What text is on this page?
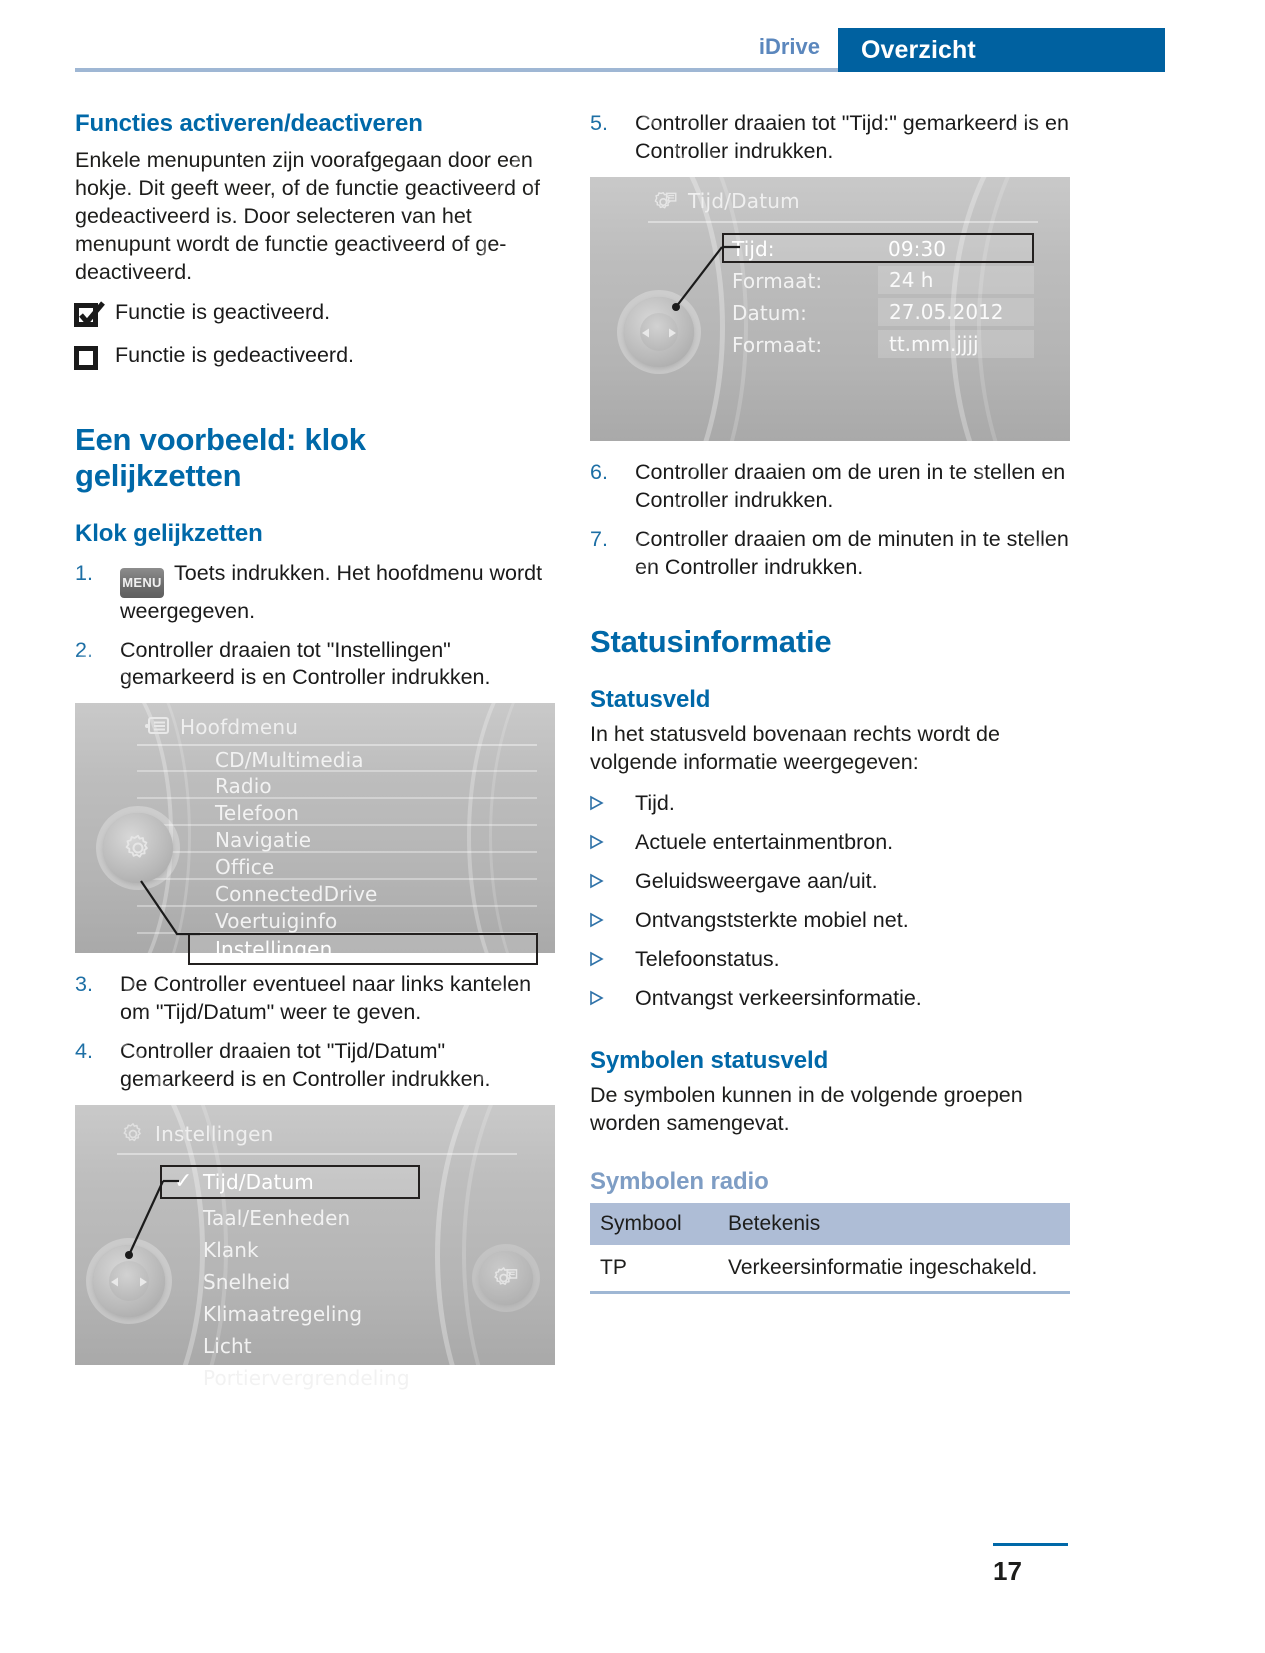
iDrive	Overzicht
Functies activeren/deactiveren

Enkele menupunten zijn voorafgegaan door een hokje. Dit geeft weer, of de functie geactiveerd of gedeactiveerd is. Door selecteren van het menupunt wordt de functie geactiveerd of ge-deactiveerd.

Functie is geactiveerd.
Functie is gedeactiveerd.
Een voorbeeld: klok gelijkzetten
Klok gelijkzetten
1.	MENU Toets indrukken. Het hoofdmenu wordt weergegeven.
2.	Controller draaien tot "Instellingen" gemarkeerd is en Controller indrukken.
Hoofdmenu
CD/Multimedia
Radio
Telefoon
Navigatie
Office
ConnectedDrive
Voertuiginfo
Instellingen
3.	De Controller eventueel naar links kantelen om "Tijd/Datum" weer te geven.
4.	Controller draaien tot "Tijd/Datum" gemarkeerd is en Controller indrukken.
Instellingen
✓ Tijd/Datum
Taal/Eenheden
Klank
Snelheid
Klimaatregeling
Licht
Portiervergrendeling
5.	Controller draaien tot "Tijd:" gemarkeerd is en Controller indrukken.
Tijd/Datum
Tijd:	09:30
Formaat:	24 h
Datum:	27.05.2012
Formaat:	tt.mm.jjjj
6.	Controller draaien om de uren in te stellen en Controller indrukken.
7.	Controller draaien om de minuten in te stellen en Controller indrukken.
Statusinformatie
Statusveld

In het statusveld bovenaan rechts wordt de volgende informatie weergegeven:

Tijd.
Actuele entertainmentbron.
Geluidsweergave aan/uit.
Ontvangststerkte mobiel net.
Telefoonstatus.
Ontvangst verkeersinformatie.
Symbolen statusveld

De symbolen kunnen in de volgende groepen worden samengevat.

Symbolen radio
Symbool	Betekenis
TP	Verkeersinformatie ingeschakeld.
17
